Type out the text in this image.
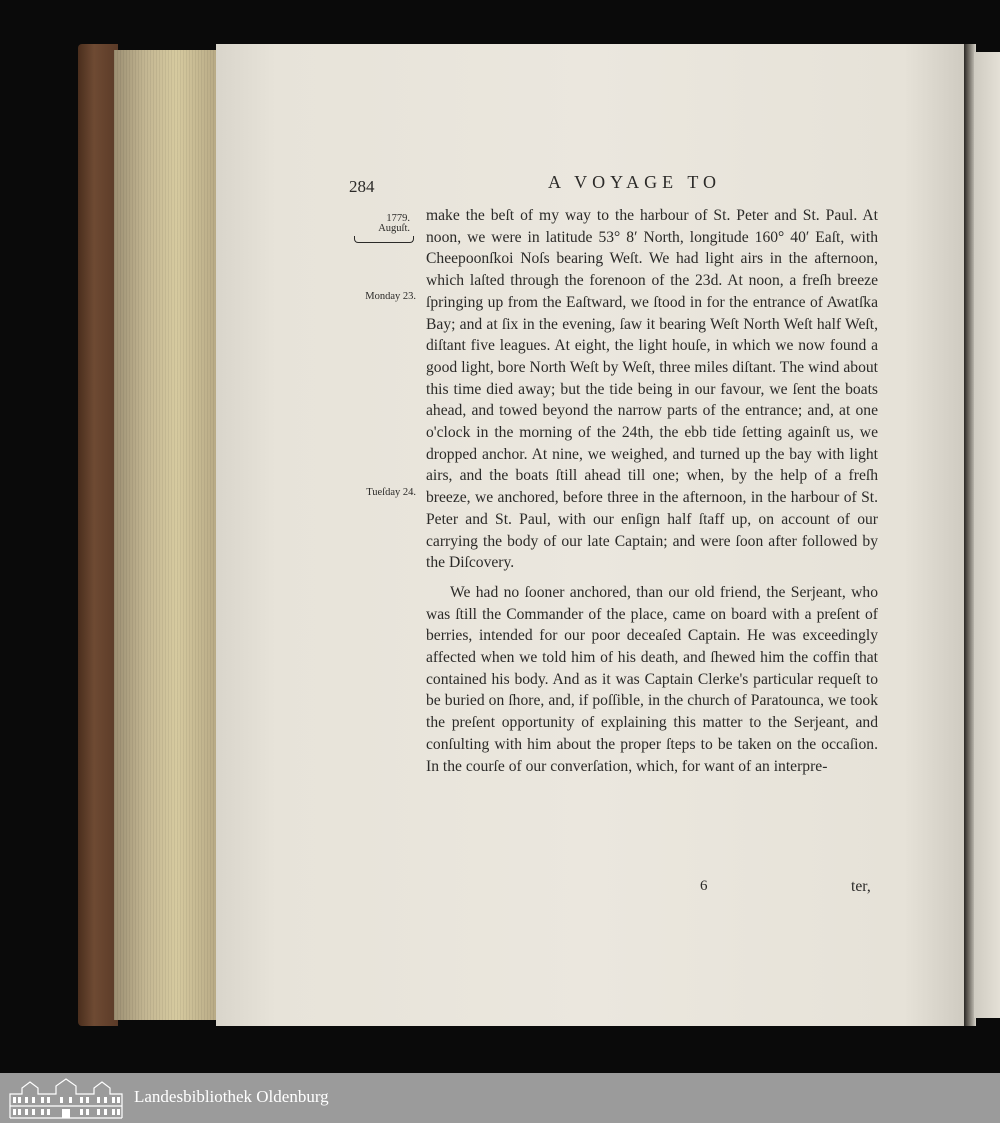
284	A VOYAGE TO
1779.
Auguſt.
Monday 23.
Tueſday 24.

make the beſt of my way to the harbour of St. Peter and St. Paul. At noon, we were in latitude 53° 8′ North, longitude 160° 40′ Eaſt, with Cheepoonſkoi Noſs bearing Weſt. We had light airs in the afternoon, which laſted through the forenoon of the 23d. At noon, a freſh breeze ſpringing up from the Eaſtward, we ſtood in for the entrance of Awatſka Bay; and at ſix in the evening, ſaw it bearing Weſt North Weſt half Weſt, diſtant five leagues. At eight, the light houſe, in which we now found a good light, bore North Weſt by Weſt, three miles diſtant. The wind about this time died away; but the tide being in our favour, we ſent the boats ahead, and towed beyond the narrow parts of the entrance; and, at one o'clock in the morning of the 24th, the ebb tide ſetting againſt us, we dropped anchor. At nine, we weighed, and turned up the bay with light airs, and the boats ſtill ahead till one; when, by the help of a freſh breeze, we anchored, before three in the afternoon, in the harbour of St. Peter and St. Paul, with our enſign half ſtaff up, on account of our carrying the body of our late Captain; and were ſoon after followed by the Diſcovery.

We had no ſooner anchored, than our old friend, the Serjeant, who was ſtill the Commander of the place, came on board with a preſent of berries, intended for our poor deceaſed Captain. He was exceedingly affected when we told him of his death, and ſhewed him the coffin that contained his body. And as it was Captain Clerke's particular requeſt to be buried on ſhore, and, if poſſible, in the church of Paratounca, we took the preſent opportunity of explaining this matter to the Serjeant, and conſulting with him about the proper ſteps to be taken on the occaſion. In the courſe of our converſation, which, for want of an interpre-

6	ter,
Landesbibliothek Oldenburg
